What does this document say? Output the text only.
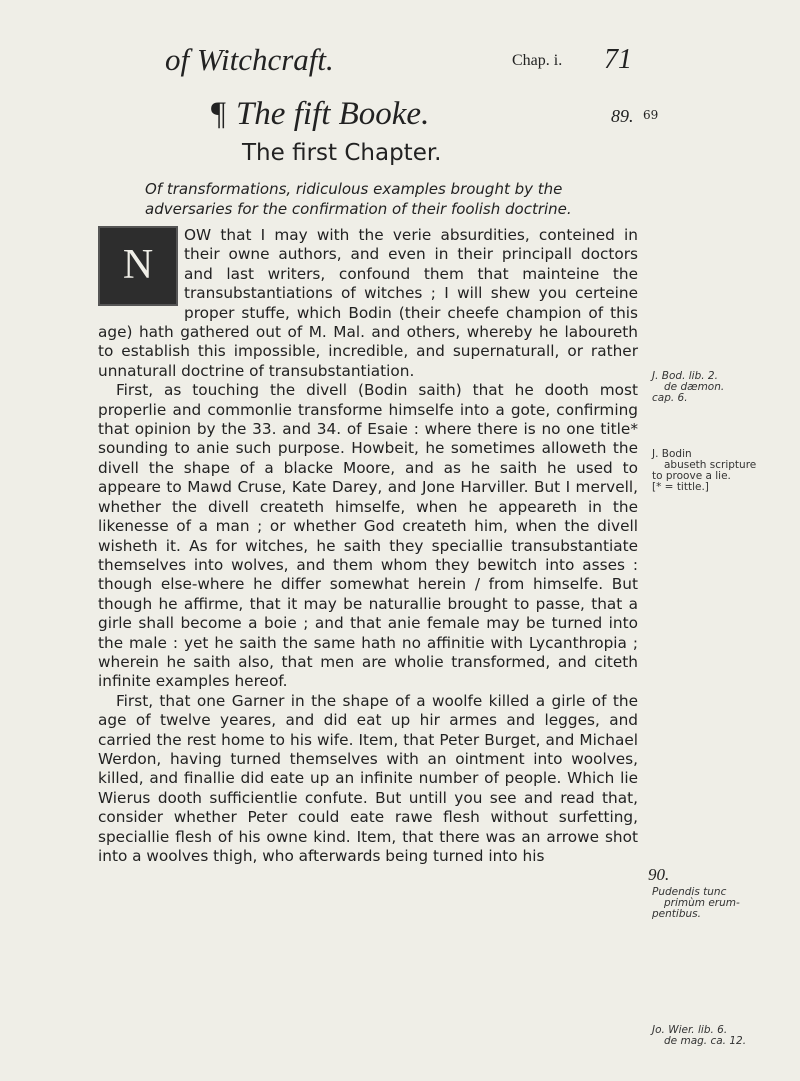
of Witchcraft.	Chap. i. 71
¶ The fift Booke.	89. 69
The first Chapter.
Of transformations, ridiculous examples brought by the adversaries for the confirmation of their foolish doctrine.

N
OW that I may with the verie absurdities, conteined in their owne authors, and even in their principall doctors and last writers, confound them that mainteine the transubstantiations of witches ; I will shew you certeine proper stuffe, which Bodin (their cheefe champion of this age) hath gathered out of M. Mal. and others, whereby he laboureth to establish this impossible, incredible, and supernaturall, or rather unnaturall doctrine of transubstantiation.

First, as touching the divell (Bodin saith) that he dooth most properlie and commonlie transforme himselfe into a gote, confirming that opinion by the 33. and 34. of Esaie : where there is no one title* sounding to anie such purpose. Howbeit, he sometimes alloweth the divell the shape of a blacke Moore, and as he saith he used to appeare to Mawd Cruse, Kate Darey, and Jone Harviller. But I mervell, whether the divell createth himselfe, when he appeareth in the likenesse of a man ; or whether God createth him, when the divell wisheth it. As for witches, he saith they speciallie transubstantiate themselves into wolves, and them whom they bewitch into asses : though else-where he differ somewhat herein / from himselfe. But though he affirme, that it may be naturallie brought to passe, that a girle shall become a boie ; and that anie female may be turned into the male : yet he saith the same hath no affinitie with Lycanthropia ; wherein he saith also, that men are wholie transformed, and citeth infinite examples hereof.

First, that one Garner in the shape of a woolfe killed a girle of the age of twelve yeares, and did eat up hir armes and legges, and carried the rest home to his wife. Item, that Peter Burget, and Michael Werdon, having turned themselves with an ointment into woolves, killed, and finallie did eate up an infinite number of people. Which lie Wierus dooth sufficientlie confute. But untill you see and read that, consider whether Peter could eate rawe flesh without surfetting, speciallie flesh of his owne kind. Item, that there was an arrowe shot into a woolves thigh, who afterwards being turned into his

J. Bod. lib. 2.
de dæmon.
cap. 6.
J. Bodin
abuseth scripture
to proove a lie.
[* = tittle.]
90.
Pudendis tunc
primùm erum-
pentibus.
Jo. Wier. lib. 6.
de mag. ca. 12.
